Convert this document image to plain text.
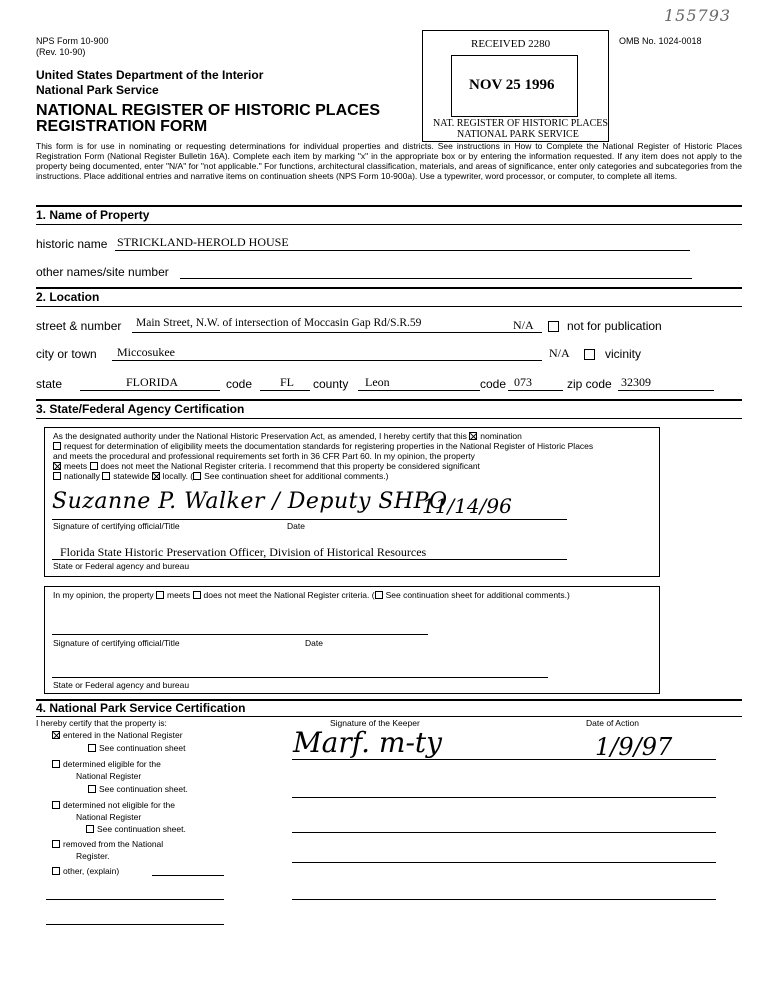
NPS Form 10-900
(Rev. 10-90)
OMB No. 1024-0018
155793
United States Department of the Interior
National Park Service
NATIONAL REGISTER OF HISTORIC PLACES
REGISTRATION FORM
RECEIVED 2280
NOV 25 1996
NAT. REGISTER OF HISTORIC PLACES
NATIONAL PARK SERVICE
This form is for use in nominating or requesting determinations for individual properties and districts. See instructions in How to Complete the National Register of Historic Places Registration Form (National Register Bulletin 16A). Complete each item by marking "x" in the appropriate box or by entering the information requested. If any item does not apply to the property being documented, enter "N/A" for "not applicable." For functions, architectural classification, materials, and areas of significance, enter only categories and subcategories from the instructions. Place additional entries and narrative items on continuation sheets (NPS Form 10-900a). Use a typewriter, word processor, or computer, to complete all items.
1. Name of Property
historic name STRICKLAND-HEROLD HOUSE
other names/site number
2. Location
street & number Main Street, N.W. of intersection of Moccasin Gap Rd/S.R.59	N/A	not for publication
city or town Miccosukee	N/A	vicinity
state	FLORIDA	code FL county Leon	code 073	zip code 32309
3. State/Federal Agency Certification
As the designated authority under the National Historic Preservation Act, as amended, I hereby certify that this nomination
request for determination of eligibility meets the documentation standards for registering properties in the National Register of Historic Places and meets the procedural and professional requirements set forth in 36 CFR Part 60. In my opinion, the property
meets does not meet the National Register criteria. I recommend that this property be considered significant
nationally statewide locally. ( See continuation sheet for additional comments.)
Suzanne P. Walker / Deputy SHPO
11/14/96
Signature of certifying official/Title	Date
Florida State Historic Preservation Officer, Division of Historical Resources
State or Federal agency and bureau
In my opinion, the property meets does not meet the National Register criteria. ( See continuation sheet for additional comments.)
Signature of certifying official/Title	Date
State or Federal agency and bureau
4. National Park Service Certification
I hereby certify that the property is:	Signature of the Keeper	Date of Action
entered in the National Register
See continuation sheet
determined eligible for the
National Register
See continuation sheet.
determined not eligible for the
National Register
See continuation sheet.
removed from the National
Register.
other, (explain)
Marf. m-ty	1/9/97
